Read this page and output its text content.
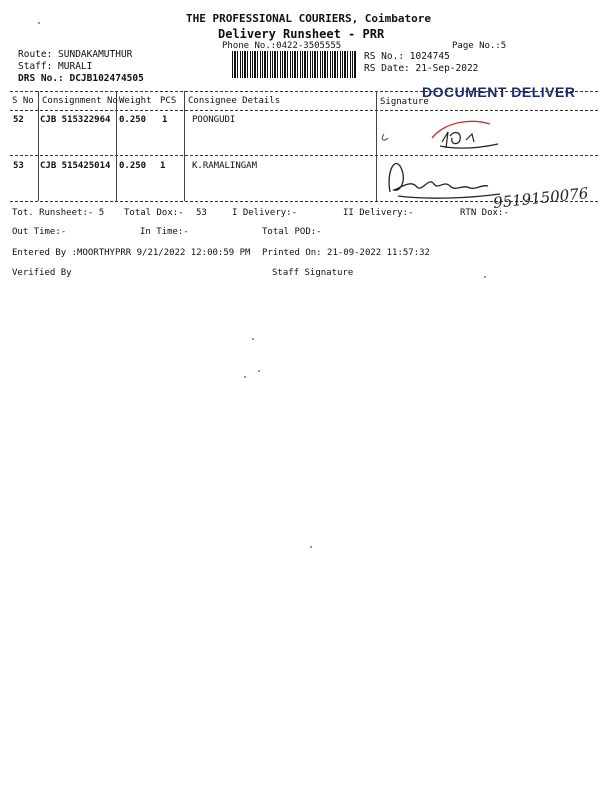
THE PROFESSIONAL COURIERS, Coimbatore
Delivery Runsheet - PRR
Phone No.:0422-3505555	Page No.:5
Route: SUNDAKAMUTHUR
Staff: MURALI
DRS No.: DCJB102474505
RS No.: 1024745
RS Date: 21-Sep-2022
S No Consignment No Weight PCS Consignee Details	Signature
DOCUMENT DELIVER
52 CJB 515322964 0.250 1	POONGUDI
53 CJB 515425014 0.250 1	K.RAMALINGAM
9519150076
Tot. Runsheet:- 5 Total Dox:- 53	I Delivery:-	II Delivery:-	RTN Dox:-
Out Time:-	In Time:-	Total POD:-
Entered By :MOORTHYPRR 9/21/2022 12:00:59 PM Printed On: 21-09-2022 11:57:32
Verified By	Staff Signature
